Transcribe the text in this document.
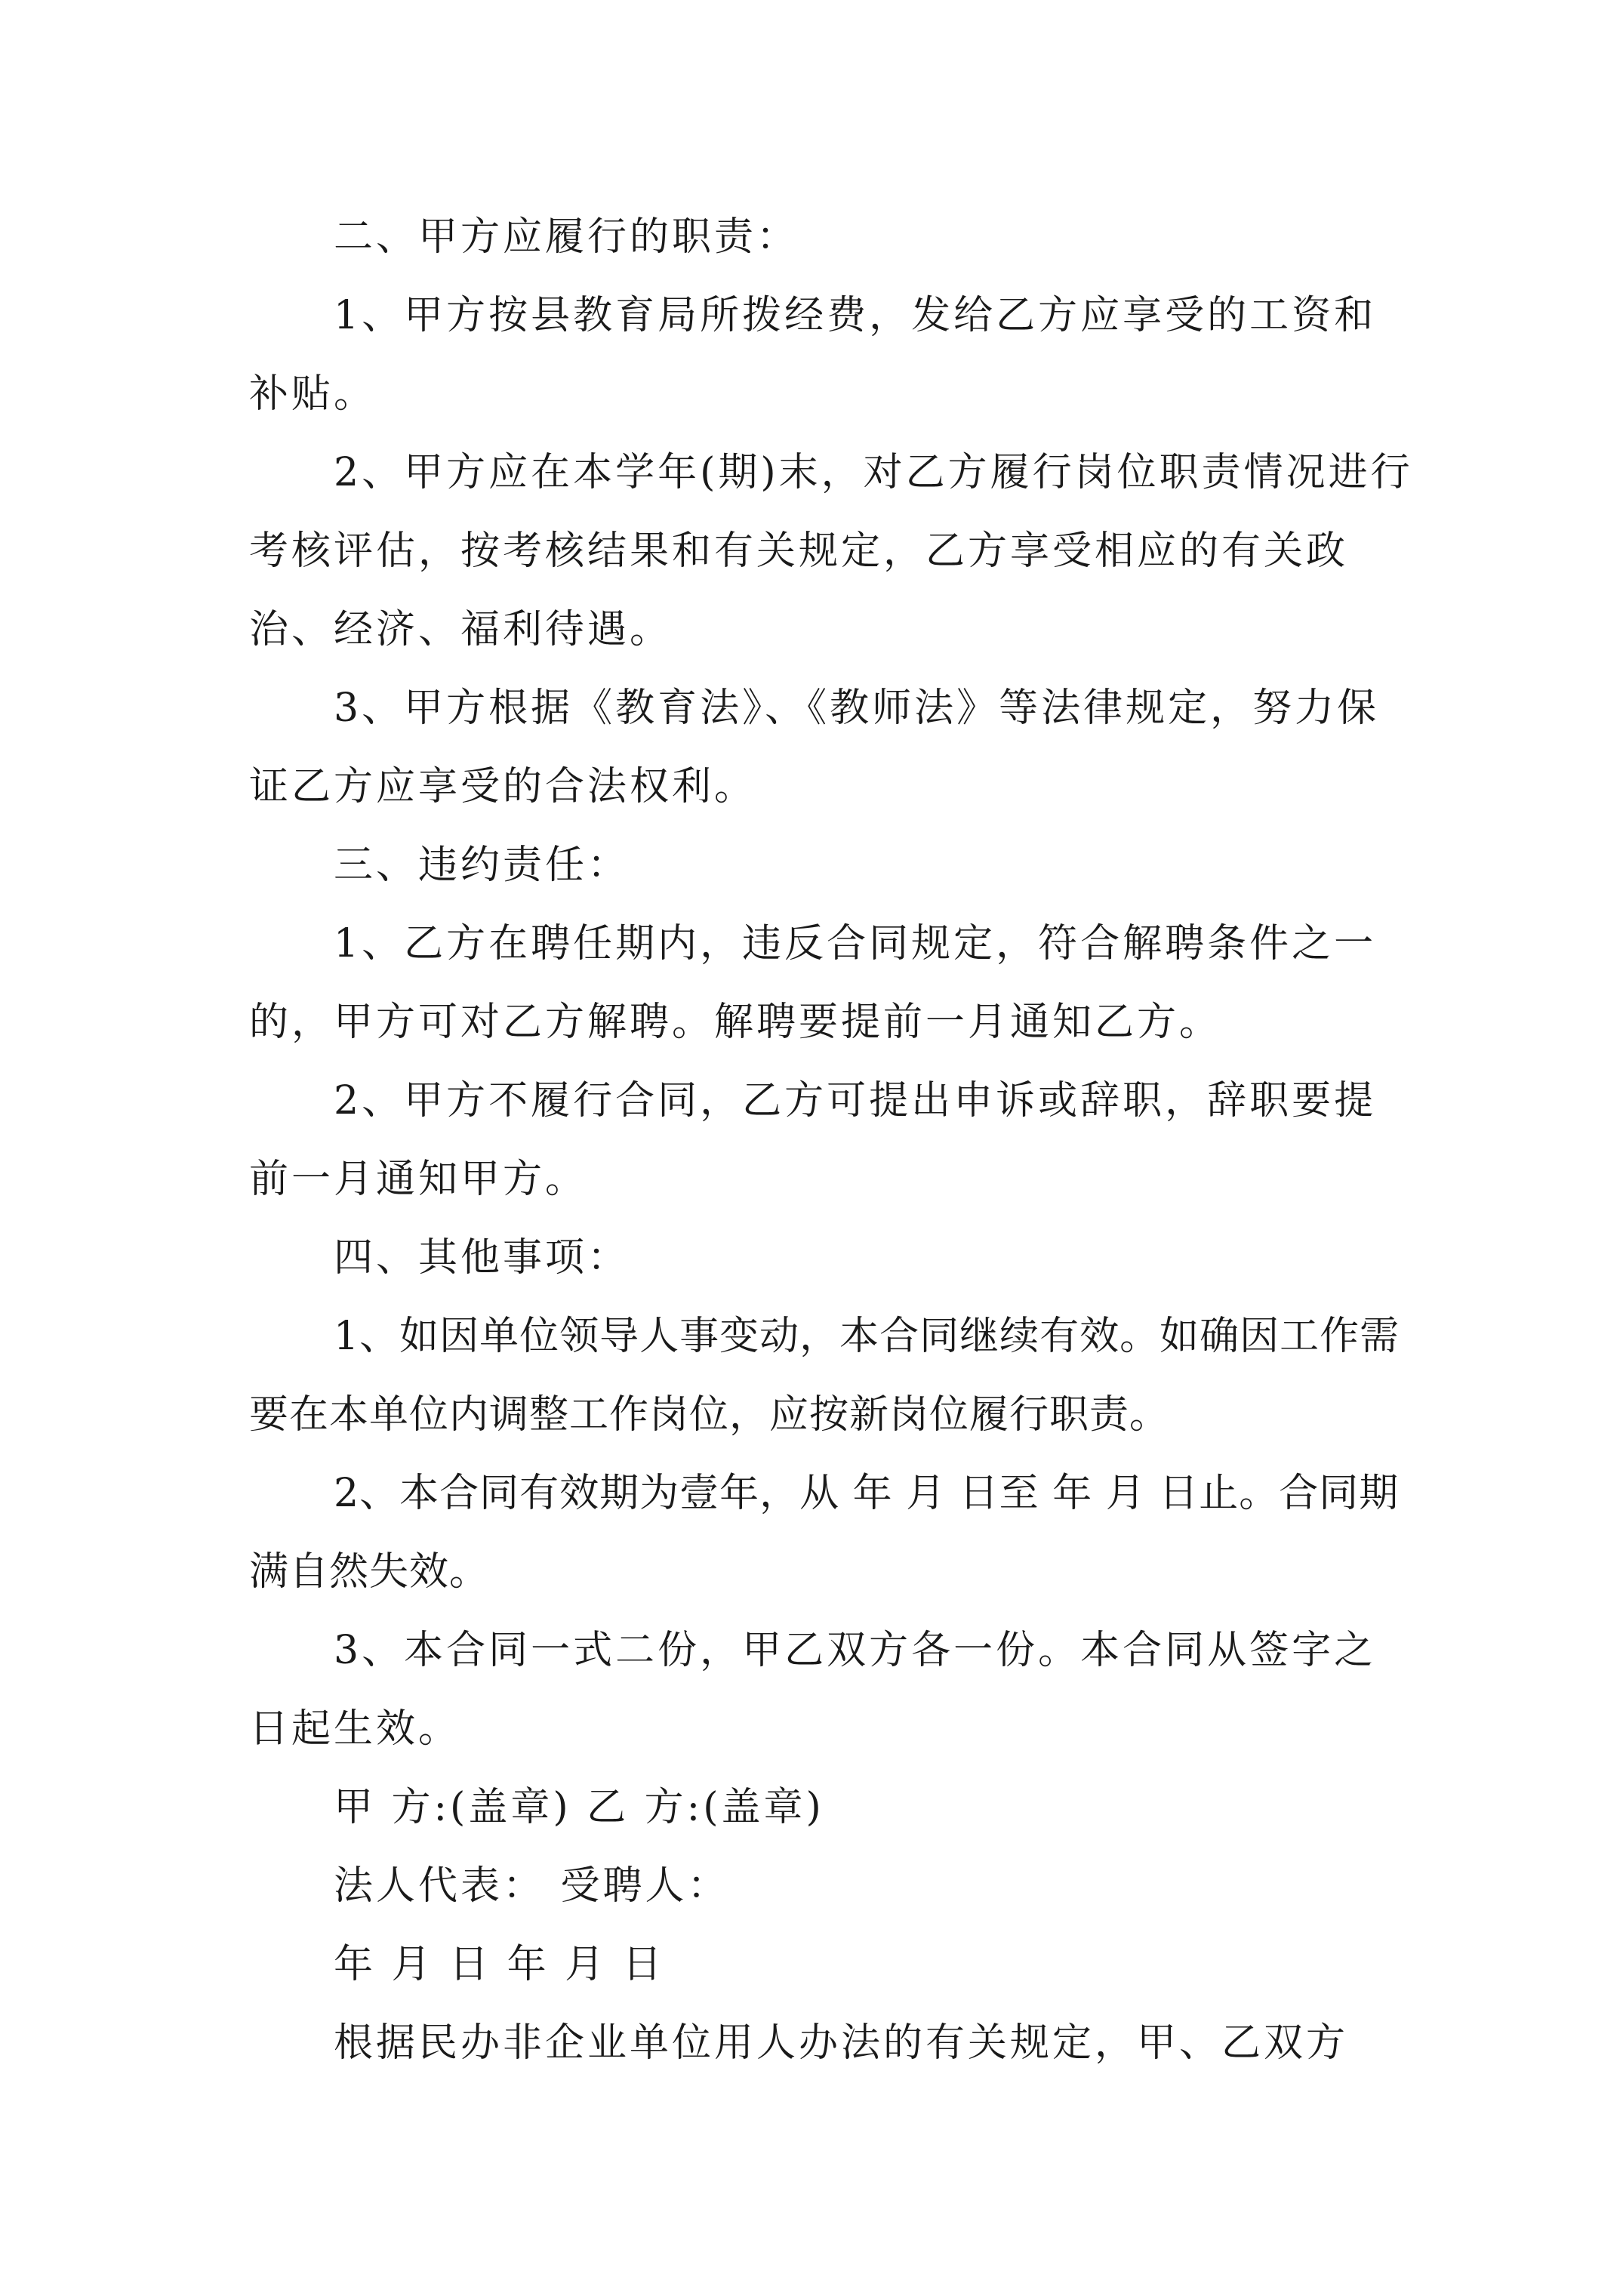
二、甲方应履行的职责：

1、甲方按县教育局所拨经费，发给乙方应享受的工资和补贴。

2、甲方应在本学年(期)末，对乙方履行岗位职责情况进行考核评估，按考核结果和有关规定，乙方享受相应的有关政治、经济、福利待遇。

3、甲方根据《教育法》、《教师法》等法律规定，努力保证乙方应享受的合法权利。

三、违约责任：

1、乙方在聘任期内，违反合同规定，符合解聘条件之一的，甲方可对乙方解聘。解聘要提前一月通知乙方。

2、甲方不履行合同，乙方可提出申诉或辞职，辞职要提前一月通知甲方。

四、其他事项：

1、如因单位领导人事变动，本合同继续有效。如确因工作需要在本单位内调整工作岗位，应按新岗位履行职责。

2、本合同有效期为壹年，从 年 月 日至 年 月 日止。合同期满自然失效。

3、本合同一式二份，甲乙双方各一份。本合同从签字之日起生效。

甲 方:(盖章) 乙 方:(盖章)

法人代表： 受聘人：

年 月 日 年 月 日

根据民办非企业单位用人办法的有关规定，甲、乙双方
